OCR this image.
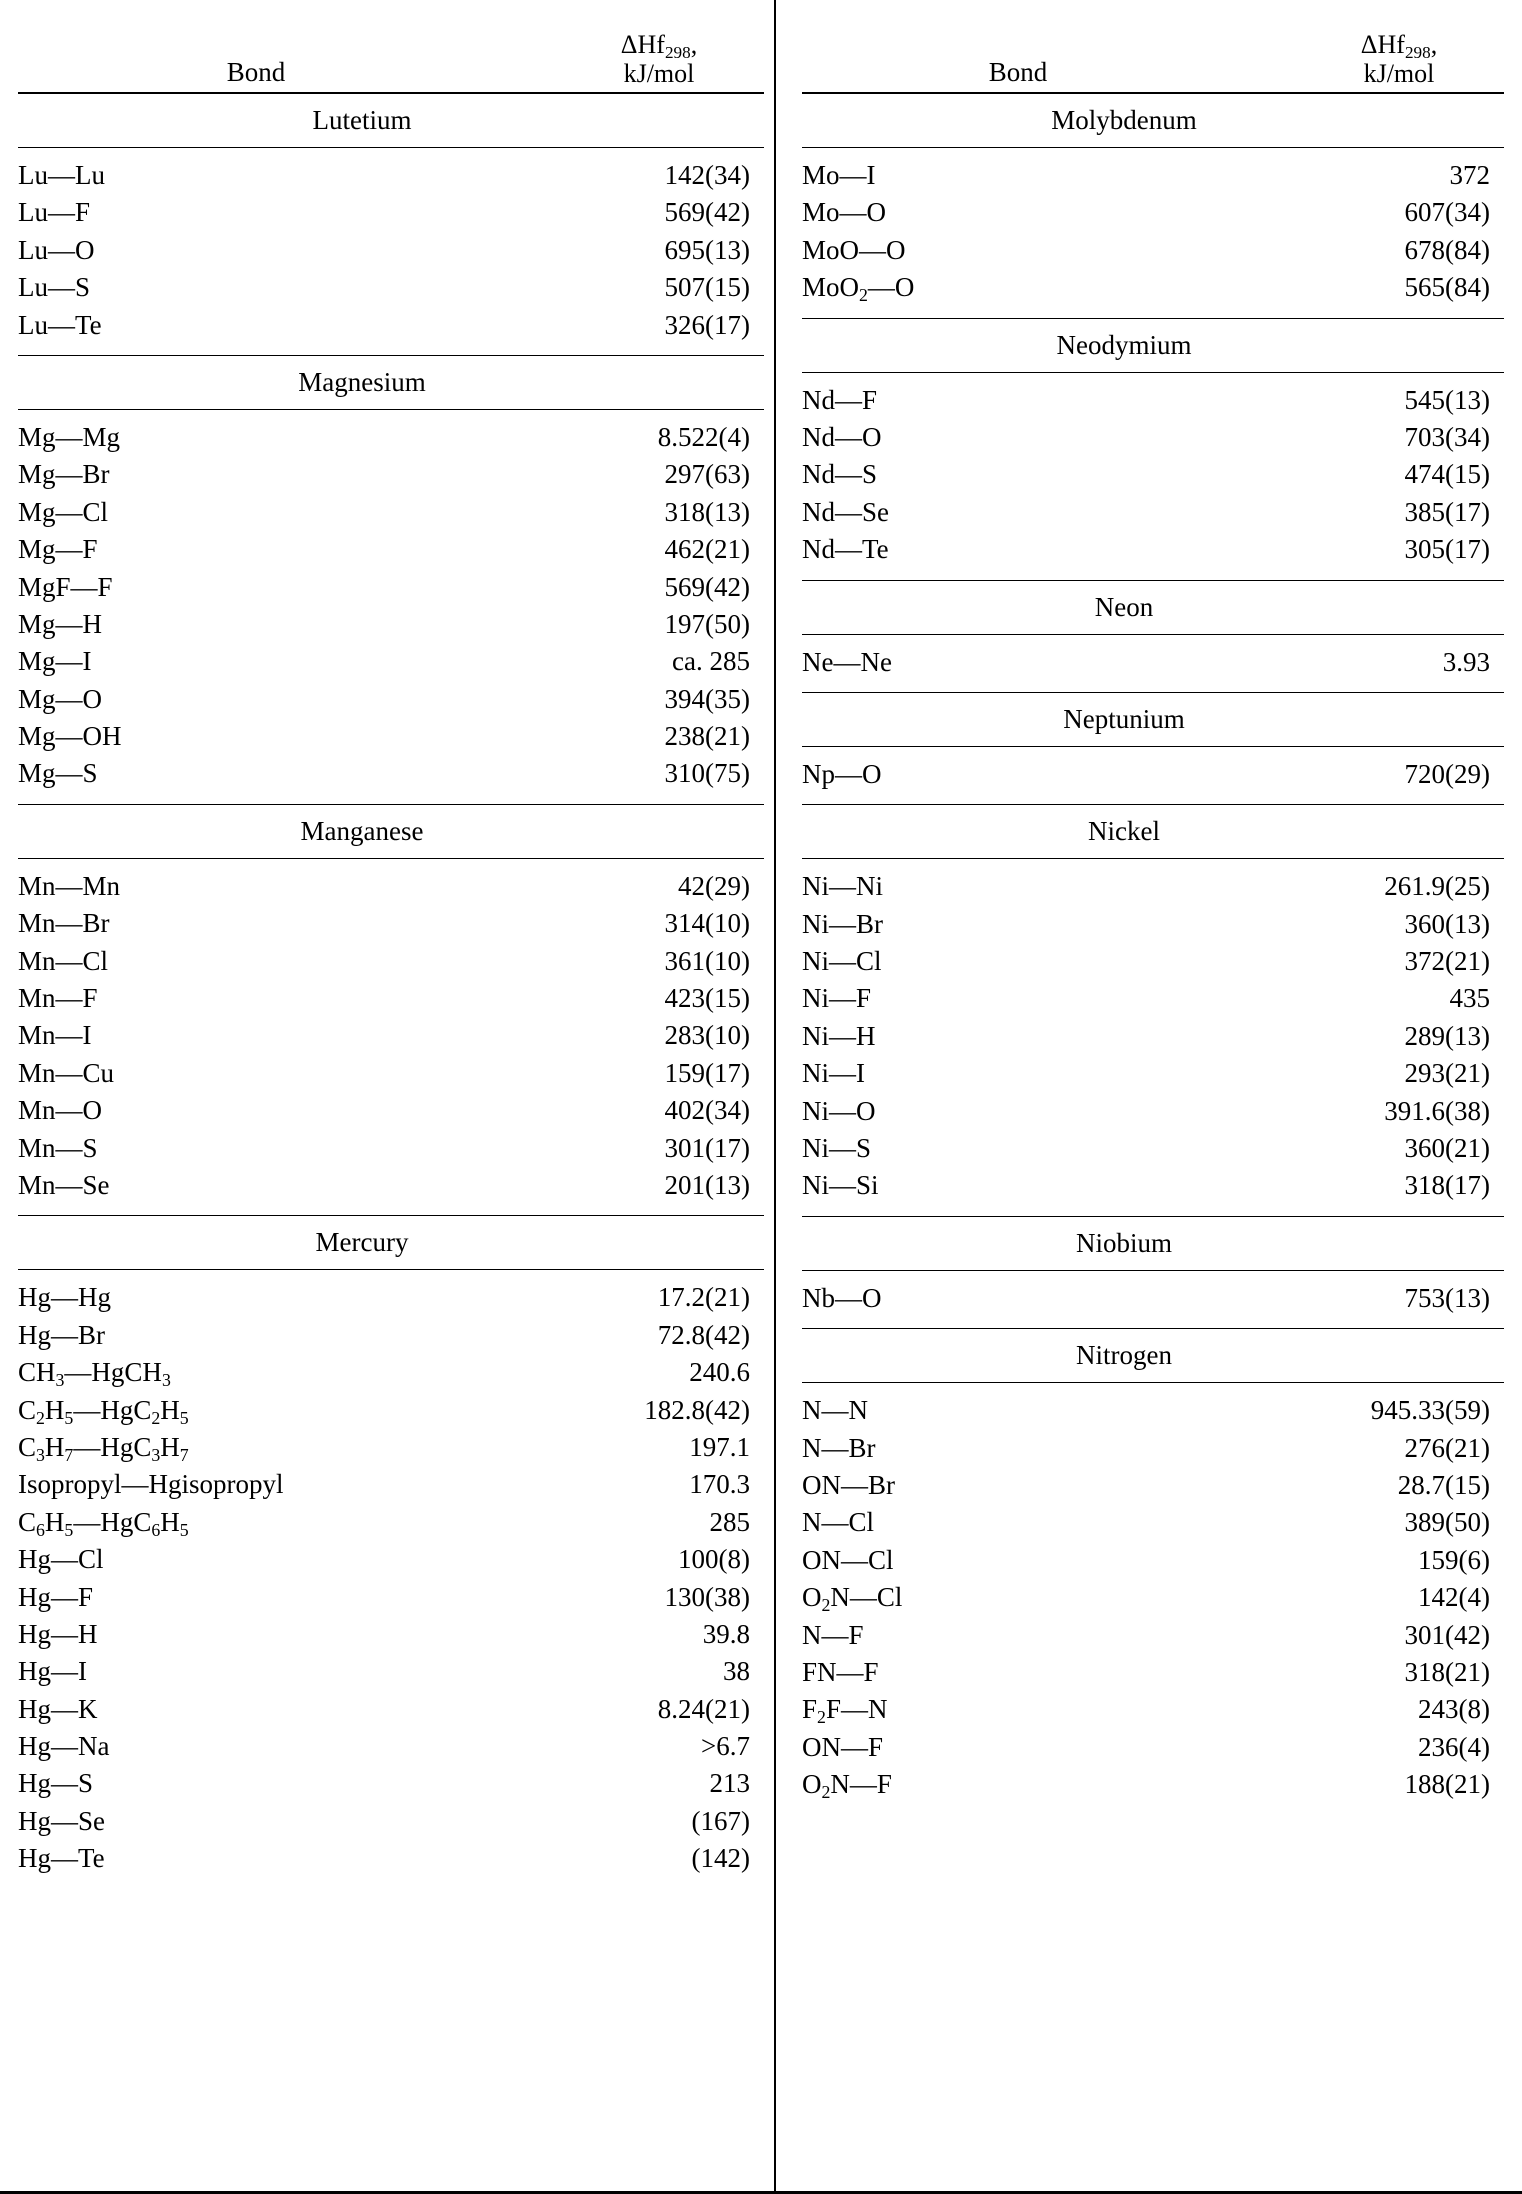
Bond
ΔHf$_{298}$,
kJ/mol
Lutetium
Lu—Lu	142(34)
Lu—F	569(42)
Lu—O	695(13)
Lu—S	507(15)
Lu—Te	326(17)
Magnesium
Mg—Mg	8.522(4)
Mg—Br	297(63)
Mg—Cl	318(13)
Mg—F	462(21)
MgF—F	569(42)
Mg—H	197(50)
Mg—I	ca. 285
Mg—O	394(35)
Mg—OH	238(21)
Mg—S	310(75)
Manganese
Mn—Mn	42(29)
Mn—Br	314(10)
Mn—Cl	361(10)
Mn—F	423(15)
Mn—I	283(10)
Mn—Cu	159(17)
Mn—O	402(34)
Mn—S	301(17)
Mn—Se	201(13)
Mercury
Hg—Hg	17.2(21)
Hg—Br	72.8(42)
$CH_3—HgCH_3$	240.6
$C_2H_5—HgC_2H_5$	182.8(42)
$C_3H_7—HgC_3H_7$	197.1
Isopropyl—Hgisopropyl	170.3
$C_6H_5—HgC_6H_5$	285
Hg—Cl	100(8)
Hg—F	130(38)
Hg—H	39.8
Hg—I	38
Hg—K	8.24(21)
Hg—Na	>6.7
Hg—S	213
Hg—Se	(167)
Hg—Te	(142)
Bond
ΔHf$_{298}$,
kJ/mol
Molybdenum
Mo—I	372
Mo—O	607(34)
MoO—O	678(84)
MoO$_2$—O	565(84)
Neodymium
Nd—F	545(13)
Nd—O	703(34)
Nd—S	474(15)
Nd—Se	385(17)
Nd—Te	305(17)
Neon
Ne—Ne	3.93
Neptunium
Np—O	720(29)
Nickel
Ni—Ni	261.9(25)
Ni—Br	360(13)
Ni—Cl	372(21)
Ni—F	435
Ni—H	289(13)
Ni—I	293(21)
Ni—O	391.6(38)
Ni—S	360(21)
Ni—Si	318(17)
Niobium
Nb—O	753(13)
Nitrogen
N—N	945.33(59)
N—Br	276(21)
ON—Br	28.7(15)
N—Cl	389(50)
ON—Cl	159(6)
$O_2N—Cl$	142(4)
N—F	301(42)
FN—F	318(21)
$F_2F—N$	243(8)
ON—F	236(4)
$O_2N—F$	188(21)
